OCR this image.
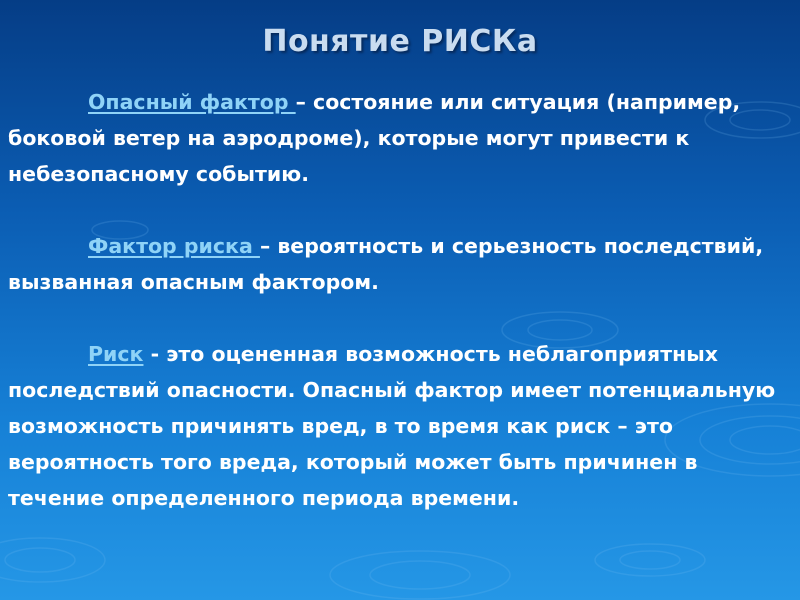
Понятие РИСКа

Опасный фактор – состояние или ситуация (например, боковой ветер на аэродроме), которые могут привести к небезопасному событию.

Фактор риска – вероятность и серьезность последствий, вызванная опасным фактором.

Риск - это оцененная возможность неблагоприятных последствий опасности. Опасный фактор имеет потенциальную возможность причинять вред, в то время как риск – это вероятность того вреда, который может быть причинен в течение определенного периода времени.
